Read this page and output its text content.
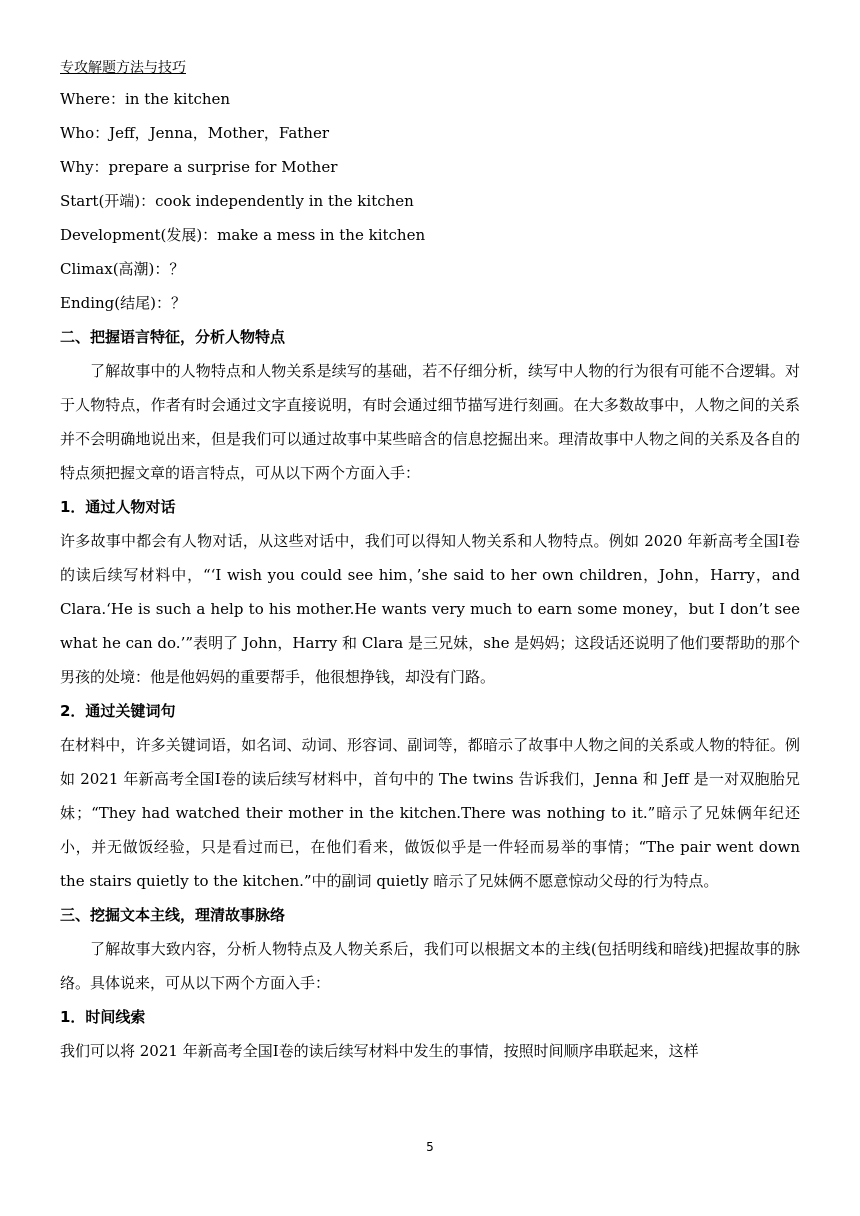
专攻解题方法与技巧

Where：in the kitchen

Who：Jeff，Jenna，Mother，Father

Why：prepare a surprise for Mother

Start(开端)：cook independently in the kitchen

Development(发展)：make a mess in the kitchen

Climax(高潮)：？

Ending(结尾)：？

二、把握语言特征，分析人物特点

了解故事中的人物特点和人物关系是续写的基础，若不仔细分析，续写中人物的行为很有可能不合逻辑。对于人物特点，作者有时会通过文字直接说明，有时会通过细节描写进行刻画。在大多数故事中，人物之间的关系并不会明确地说出来，但是我们可以通过故事中某些暗含的信息挖掘出来。理清故事中人物之间的关系及各自的特点须把握文章的语言特点，可从以下两个方面入手：

1．通过人物对话

许多故事中都会有人物对话，从这些对话中，我们可以得知人物关系和人物特点。例如 2020 年新高考全国Ⅰ卷的读后续写材料中，“‘I wish you could see him，’she said to her own children，John，Harry，and Clara.‘He is such a help to his mother.He wants very much to earn some money，but I don’t see what he can do.’”表明了 John，Harry 和 Clara 是三兄妹，she 是妈妈；这段话还说明了他们要帮助的那个男孩的处境：他是他妈妈的重要帮手，他很想挣钱，却没有门路。

2．通过关键词句

在材料中，许多关键词语，如名词、动词、形容词、副词等，都暗示了故事中人物之间的关系或人物的特征。例如 2021 年新高考全国Ⅰ卷的读后续写材料中，首句中的 The twins 告诉我们，Jenna 和 Jeff 是一对双胞胎兄妹；“They had watched their mother in the kitchen.There was nothing to it.”暗示了兄妹俩年纪还小，并无做饭经验，只是看过而已，在他们看来，做饭似乎是一件轻而易举的事情；“The pair went down the stairs quietly to the kitchen.”中的副词 quietly 暗示了兄妹俩不愿意惊动父母的行为特点。

三、挖掘文本主线，理清故事脉络

了解故事大致内容，分析人物特点及人物关系后，我们可以根据文本的主线(包括明线和暗线)把握故事的脉络。具体说来，可从以下两个方面入手：

1．时间线索

我们可以将 2021 年新高考全国Ⅰ卷的读后续写材料中发生的事情，按照时间顺序串联起来，这样

5
